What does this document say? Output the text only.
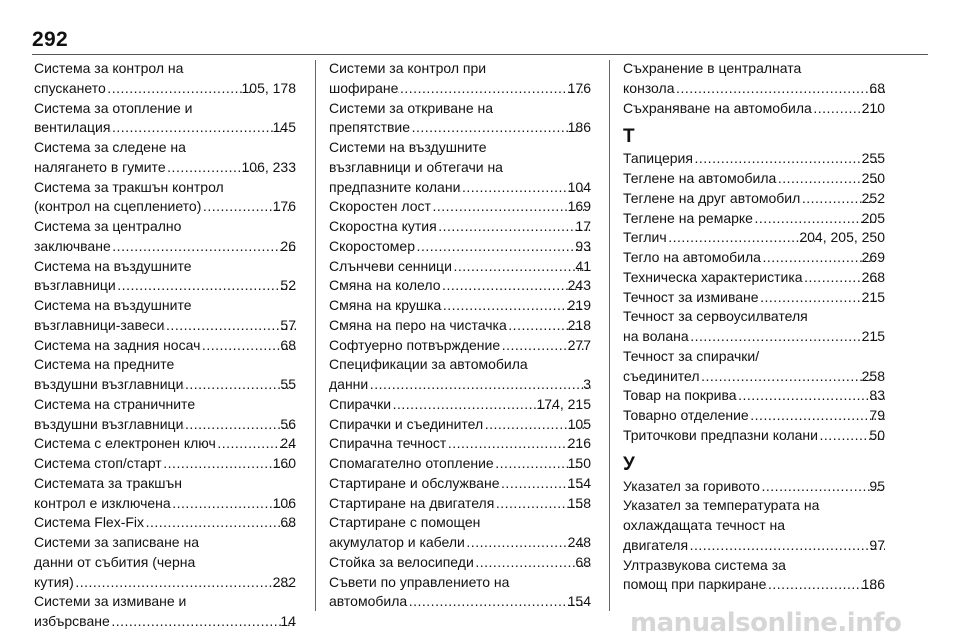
292
Система за контрол на
спускането .....	105, 178
Система за отопление и
вентилация .....	145
Система за следене на
налягането в гумите .....	106, 233
Система за тракшън контрол
(контрол на сцеплението) .....	176
Система за централно
заключване .....	26
Система на въздушните
възглавници .....	52
Система на въздушните
възглавници-завеси .....	57
Система на задния носач .....	68
Система на предните
въздушни възглавници .....	55
Система на страничните
въздушни възглавници .....	56
Система с електронен ключ .....	24
Система стоп/старт .....	160
Системата за тракшън
контрол е изключена .....	106
Система Flex-Fix .....	68
Системи за записване на
данни от събития (черна
кутия) .....	282
Системи за измиване и
избърсване .....	14
Системи за контрол при
шофиране .....	176
Системи за откриване на
препятствие .....	186
Системи на въздушните
възглавници и обтегачи на
предпазните колани .....	104
Скоростен лост .....	169
Скоростна кутия .....	17
Скоростомер .....	93
Слънчеви сенници .....	41
Смяна на колело .....	243
Смяна на крушка .....	219
Смяна на перо на чистачка .....	218
Софтуерно потвърждение .....	277
Спецификации за автомобила
данни .....	3
Спирачки .....	174, 215
Спирачки и съединител .....	105
Спирачна течност .....	216
Спомагателно отопление .....	150
Стартиране и обслужване .....	154
Стартиране на двигателя .....	158
Стартиране с помощен
акумулатор и кабели .....	248
Стойка за велосипеди .....	68
Съвети по управлението на
автомобила .....	154
Съхранение в централната
конзола .....	68
Съхраняване на автомобила .....	210
Т
Тапицерия .....	255
Теглене на автомобила .....	250
Теглене на друг автомобил .....	252
Теглене на ремарке .....	205
Теглич .....	204, 205, 250
Тегло на автомобила .....	269
Техническа характеристика .....	268
Течност за измиване .....	215
Течност за сервоусилвателя
на волана .....	215
Течност за спирачки/
съединител .....	258
Товар на покрива .....	83
Товарно отделение .....	79
Триточкови предпазни колани .....	50
У
Указател за горивото .....	95
Указател за температурата на
охлаждащата течност на
двигателя .....	97
Ултразвукова система за
помощ при паркиране .....	186
manualsonline.info
